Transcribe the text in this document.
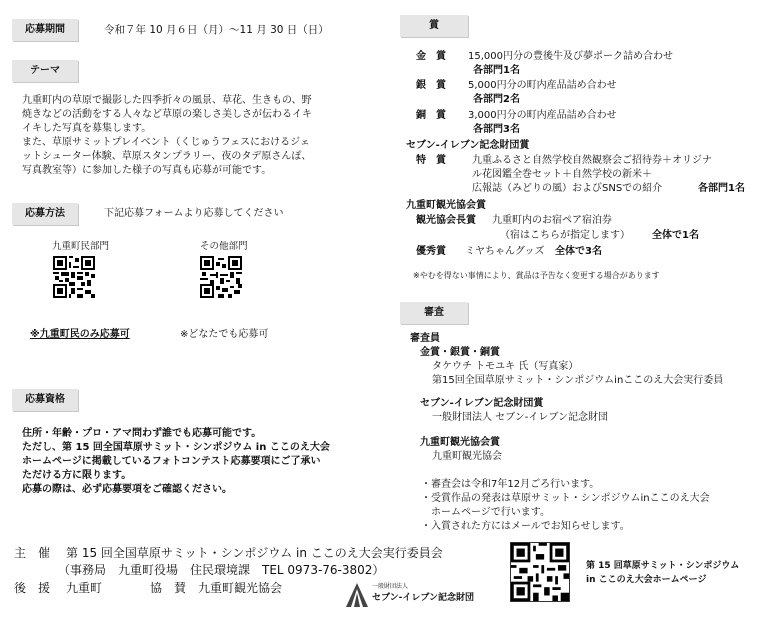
応募期間	令和７年 10 月６日（月）～11 月 30 日（日）
テーマ
九重町内の草原で撮影した四季折々の風景、草花、生きもの、野
焼きなどの活動をする人々など草原の楽しさ美しさが伝わるイキ
イキした写真を募集します。
また、草原サミットプレイベント（くじゅうフェスにおけるジェ
ットシューター体験、草原スタンプラリー、夜のタデ原さんぽ、
写真教室等）に参加した様子の写真も応募が可能です。
応募方法	下記応募フォームより応募してください
九重町民部門	その他部門
※九重町民のみ応募可	※どなたでも応募可
応募資格
住所・年齢・プロ・アマ問わず誰でも応募可能です。
ただし、第 15 回全国草原サミット・シンポジウム in ここのえ大会
ホームページに掲載しているフォトコンテスト応募要項にご了承い
ただける方に限ります。
応募の際は、必ず応募要項をご確認ください。
賞
金　賞 15,000円分の豊後牛及び夢ポーク詰め合わせ
各部門1名
銀　賞 5,000円分の町内産品詰め合わせ
各部門2名
銅　賞 3,000円分の町内産品詰め合わせ
各部門3名
セブン-イレブン記念財団賞
特　賞	九重ふるさと自然学校自然観察会ご招待券＋オリジナ
ル花図鑑全巻セット＋自然学校の新米＋
広報誌（みどりの風）およびSNSでの紹介	各部門1名
九重町観光協会賞
観光協会長賞 九重町内のお宿ペア宿泊券
（宿はこちらが指定します） 全体で1名
優秀賞 ミヤちゃんグッズ 全体で3名
※やむを得ない事情により、賞品は予告なく変更する場合があります
審査
審査員
金賞・銀賞・銅賞
タケウチ トモユキ 氏（写真家）
第15回全国草原サミット・シンポジウムinここのえ大会実行委員
セブン-イレブン記念財団賞
一般財団法人 セブン-イレブン記念財団
九重町観光協会賞
九重町観光協会
・審査会は令和7年12月ごろ行います。
・受賞作品の発表は草原サミット・シンポジウムinここのえ大会
　ホームページで行います。
・入賞された方にはメールでお知らせします。
主　催 第 15 回全国草原サミット・シンポジウム in ここのえ大会実行委員会
（事務局　九重町役場　住民環境課　TEL 0973-76-3802）
後　援 九重町	協　賛 九重町観光協会	一般財団法人
セブン-イレブン記念財団
第 15 回草原サミット・シンポジウム
in ここのえ大会ホームページ
